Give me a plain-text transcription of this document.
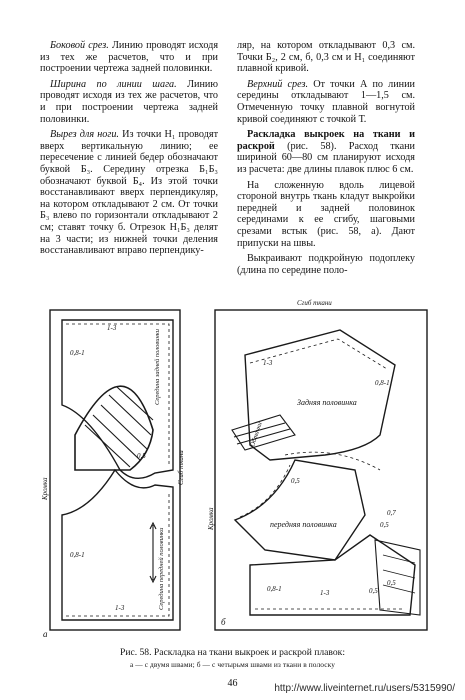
Боковой срез. Линию проводят исходя из тех же расчетов, что и при построении чертежа задней половинки.

Ширина по линии шага. Линию проводят исходя из тех же расчетов, что и при построении чертежа задней половинки.

Вырез для ноги. Из точки Н₁ проводят вверх вертикальную линию; ее пересечение с линией бедер обозначают буквой Б₃. Середину отрезка Б₁Б₃ обозначают буквой Б₄. Из этой точки восстанавливают вверх перпендикуляр, на котором откладывают 2 см. От точки Б₃ влево по горизонтали откладывают 2 см; ставят точку б. Отрезок Н₁Б₃ делят на 3 части; из нижней точки деления восстанавливают вправо перпендику-

ляр, на котором откладывают 0,3 см. Точки Б₂, 2 см, б, 0,3 см и Н₁ соединяют плавной кривой.

Верхний срез. От точки А по линии середины откладывают 1—1,5 см. Отмеченную точку плавной вогнутой кривой соединяют с точкой Т.

Раскладка выкроек на ткани и раскрой (рис. 58). Расход ткани шириной 60—80 см планируют исходя из расчета: две длины плавок плюс 6 см.

На сложенную вдоль лицевой стороной внутрь ткань кладут выкройки передней и задней половинок серединами к ее сгибу, шаговыми срезами встык (рис. 58, а). Дают припуски на швы.

Выкраивают подкройную подоплеку (длина по середине поло-

1-3
0,8-1
0,5
0,8-1
1-3
Кромка
Сгиб ткани
Середина задней половинки
Середина передней половинки
а
Сгиб ткани
1-3
0,8-1
Задняя половинка
Обтачки
0,5
Кромка	0,7
0,5
передняя половинка
0,8-1	1-3	0,5
0,5
б
Рис. 58. Раскладка на ткани выкроек и раскрой плавок:
а — с двумя швами; б — с четырьмя швами из ткани в полоску
46	http://www.liveinternet.ru/users/5315990/
